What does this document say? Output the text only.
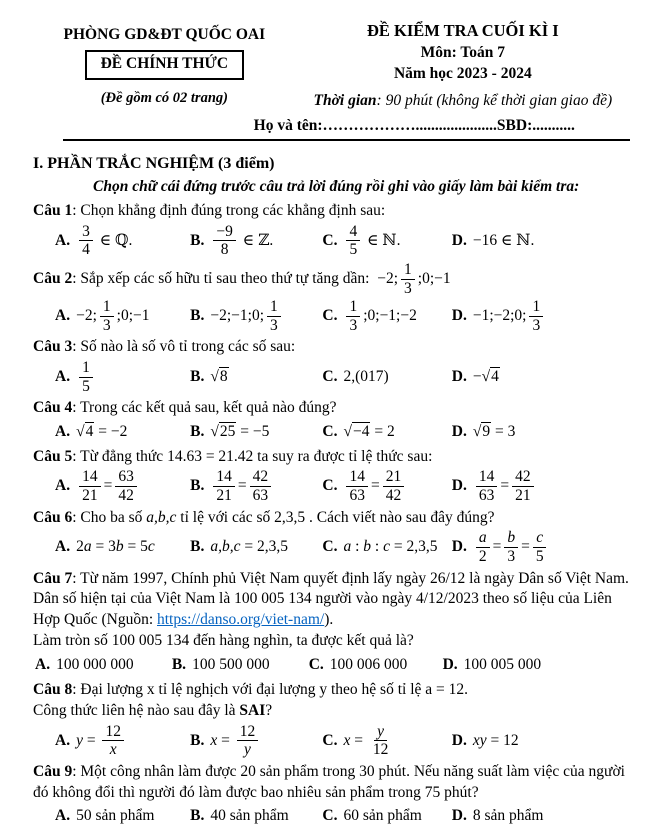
PHÒNG GD&ĐT QUỐC OAI
ĐỀ CHÍNH THỨC
(Đề gồm có 02 trang)
ĐỀ KIỂM TRA CUỐI KÌ I
Môn: Toán 7
Năm học 2023 - 2024
Thời gian: 90 phút (không kể thời gian giao đề)
Họ và tên:……………….....................SBD:...........
I. PHẦN TRẮC NGHIỆM (3 điểm)
Chọn chữ cái đứng trước câu trả lời đúng rồi ghi vào giấy làm bài kiểm tra:
Câu 1: Chọn khẳng định đúng trong các khẳng định sau:
A. $\frac{3}{4}$ ∈ ℚ.	B. $\frac{-9}{8}$ ∈ ℤ.	C. $\frac{4}{5}$ ∈ ℕ.	D. −16 ∈ ℕ.
Câu 2: Sắp xếp các số hữu tỉ sau theo thứ tự tăng dần:  −2; $\frac{1}{3}$ ;0;−1
A. −2; $\frac{1}{3}$ ;0;−1	B. −2;−1;0; $\frac{1}{3}$	C. $\frac{1}{3}$ ;0;−1;−2 D. −1;−2;0; $\frac{1}{3}$
Câu 3: Số nào là số vô tỉ trong các số sau:
A. $\frac{1}{5}$	B. √8	C. 2,(017)	D. −√4
Câu 4: Trong các kết quả sau, kết quả nào đúng?
A. √4 = −2	B. √25 = −5	C. √−4 = 2	D. √9 = 3
Câu 5: Từ đẳng thức 14.63 = 21.42 ta suy ra được tỉ lệ thức sau:
A. $\frac{14}{21} = \frac{63}{42}$	B. $\frac{14}{21} = \frac{42}{63}$	C. $\frac{14}{63} = \frac{21}{42}$	D. $\frac{14}{63} = \frac{42}{21}$
Câu 6: Cho ba số a,b,c tỉ lệ với các số 2,3,5 . Cách viết nào sau đây đúng?
A. 2a = 3b = 5c B. a,b,c = 2,3,5 C. a : b : c = 2,3,5 D. $\frac{a}{2} = \frac{b}{3} = \frac{c}{5}$
Câu 7: Từ năm 1997, Chính phủ Việt Nam quyết định lấy ngày 26/12 là ngày Dân số Việt Nam. Dân số hiện tại của Việt Nam là 100 005 134 người vào ngày 4/12/2023 theo số liệu của Liên Hợp Quốc (Nguồn: https://danso.org/viet-nam/).
Làm tròn số 100 005 134 đến hàng nghìn, ta được kết quả là?
A. 100 000 000 B. 100 500 000	C. 100 006 000 D. 100 005 000
Câu 8: Đại lượng x tỉ lệ nghịch với đại lượng y theo hệ số tỉ lệ a = 12.
Công thức liên hệ nào sau đây là SAI?
A. $y = \frac{12}{x}$	B. $x = \frac{12}{y}$	C. $x = \frac{y}{12}$	D. xy = 12
Câu 9: Một công nhân làm được 20 sản phẩm trong 30 phút. Nếu năng suất làm việc của người đó không đổi thì người đó làm được bao nhiêu sản phẩm trong 75 phút?
A. 50 sản phẩm B. 40 sản phẩm C. 60 sản phẩm D. 8 sản phẩm
